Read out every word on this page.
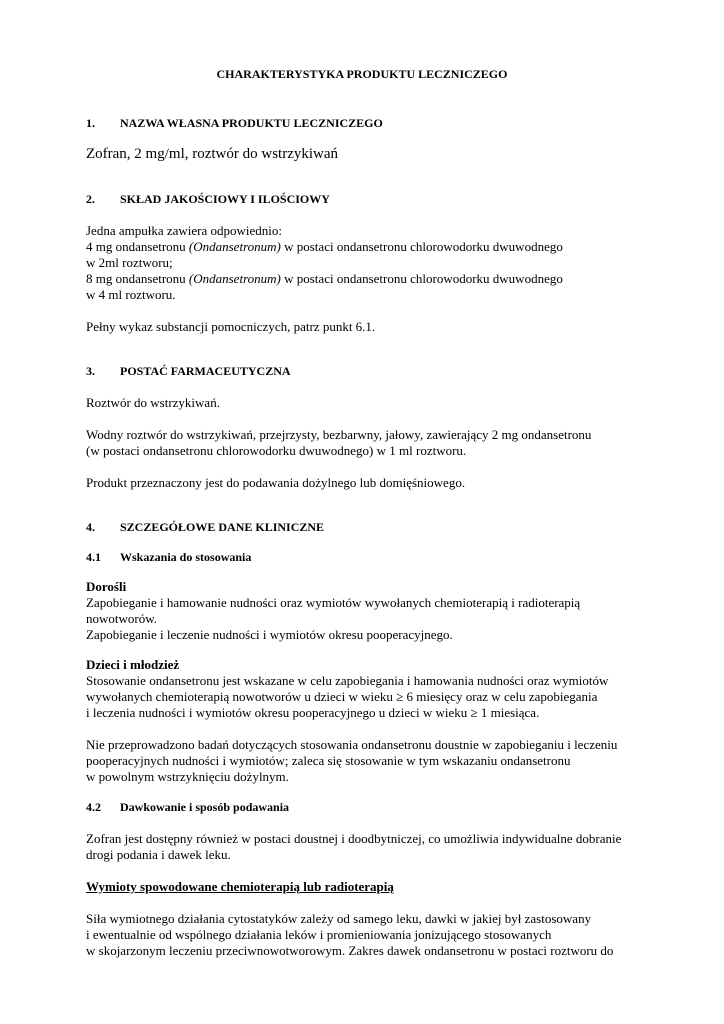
CHARAKTERYSTYKA PRODUKTU LECZNICZEGO
1.	NAZWA WŁASNA PRODUKTU LECZNICZEGO

Zofran, 2 mg/ml, roztwór do wstrzykiwań

2.	SKŁAD JAKOŚCIOWY I ILOŚCIOWY

Jedna ampułka zawiera odpowiednio:
4 mg ondansetronu (Ondansetronum) w postaci ondansetronu chlorowodorku dwuwodnego
w 2ml roztworu;
8 mg ondansetronu (Ondansetronum) w postaci ondansetronu chlorowodorku dwuwodnego
w 4 ml roztworu.

Pełny wykaz substancji pomocniczych, patrz punkt 6.1.

3.	POSTAĆ FARMACEUTYCZNA

Roztwór do wstrzykiwań.

Wodny roztwór do wstrzykiwań, przejrzysty, bezbarwny, jałowy, zawierający 2 mg ondansetronu
(w postaci ondansetronu chlorowodorku dwuwodnego) w 1 ml roztworu.

Produkt przeznaczony jest do podawania dożylnego lub domięśniowego.

4.	SZCZEGÓŁOWE DANE KLINICZNE
4.1	Wskazania do stosowania

Dorośli
Zapobieganie i hamowanie nudności oraz wymiotów wywołanych chemioterapią i radioterapią
nowotworów.
Zapobieganie i leczenie nudności i wymiotów okresu pooperacyjnego.

Dzieci i młodzież
Stosowanie ondansetronu jest wskazane w celu zapobiegania i hamowania nudności oraz wymiotów
wywołanych chemioterapią nowotworów u dzieci w wieku ≥ 6 miesięcy oraz w celu zapobiegania
i leczenia nudności i wymiotów okresu pooperacyjnego u dzieci w wieku ≥ 1 miesiąca.

Nie przeprowadzono badań dotyczących stosowania ondansetronu doustnie w zapobieganiu i leczeniu
pooperacyjnych nudności i wymiotów; zaleca się stosowanie w tym wskazaniu ondansetronu
w powolnym wstrzyknięciu dożylnym.

4.2	Dawkowanie i sposób podawania

Zofran jest dostępny również w postaci doustnej i doodbytniczej, co umożliwia indywidualne dobranie
drogi podania i dawek leku.

Wymioty spowodowane chemioterapią lub radioterapią

Siła wymiotnego działania cytostatyków zależy od samego leku, dawki w jakiej był zastosowany
i ewentualnie od wspólnego działania leków i promieniowania jonizującego stosowanych
w skojarzonym leczeniu przeciwnowotworowym. Zakres dawek ondansetronu w postaci roztworu do
